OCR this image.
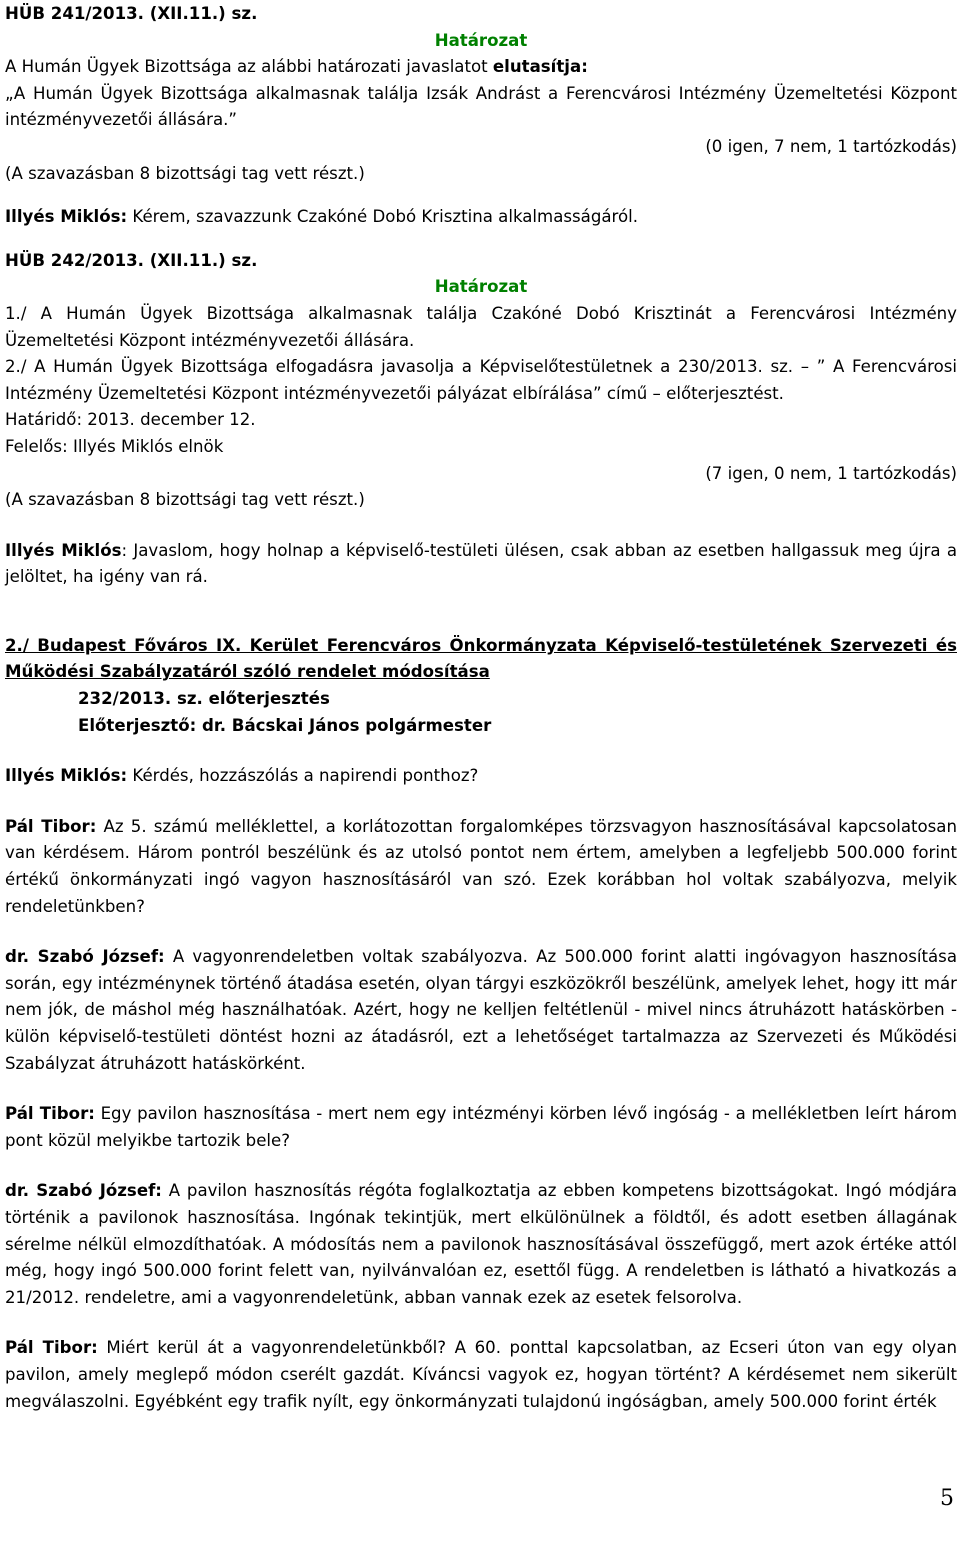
HÜB 241/2013. (XII.11.) sz.

Határozat

A Humán Ügyek Bizottsága az alábbi határozati javaslatot elutasítja:

„A Humán Ügyek Bizottsága alkalmasnak találja Izsák Andrást a Ferencvárosi Intézmény Üzemeltetési Központ intézményvezetői állására.”

(0 igen, 7 nem, 1 tartózkodás)

(A szavazásban 8 bizottsági tag vett részt.)

Illyés Miklós: Kérem, szavazzunk Czakóné Dobó Krisztina alkalmasságáról.

HÜB 242/2013. (XII.11.) sz.

Határozat

1./ A Humán Ügyek Bizottsága alkalmasnak találja Czakóné Dobó Krisztinát a Ferencvárosi Intézmény Üzemeltetési Központ intézményvezetői állására.

2./ A Humán Ügyek Bizottsága elfogadásra javasolja a Képviselőtestületnek a 230/2013. sz. – ” A Ferencvárosi Intézmény Üzemeltetési Központ intézményvezetői pályázat elbírálása” című – előterjesztést.

Határidő: 2013. december 12.

Felelős: Illyés Miklós elnök

(7 igen, 0 nem, 1 tartózkodás)

(A szavazásban 8 bizottsági tag vett részt.)

Illyés Miklós: Javaslom, hogy holnap a képviselő-testületi ülésen, csak abban az esetben hallgassuk meg újra a jelöltet, ha igény van rá.

2./ Budapest Főváros IX. Kerület Ferencváros Önkormányzata Képviselő-testületének Szervezeti és Működési Szabályzatáról szóló rendelet módosítása

232/2013. sz. előterjesztés

Előterjesztő: dr. Bácskai János polgármester

Illyés Miklós: Kérdés, hozzászólás a napirendi ponthoz?

Pál Tibor: Az 5. számú melléklettel, a korlátozottan forgalomképes törzsvagyon hasznosításával kapcsolatosan van kérdésem. Három pontról beszélünk és az utolsó pontot nem értem, amelyben a legfeljebb 500.000 forint értékű önkormányzati ingó vagyon hasznosításáról van szó. Ezek korábban hol voltak szabályozva, melyik rendeletünkben?

dr. Szabó József: A vagyonrendeletben voltak szabályozva. Az 500.000 forint alatti ingóvagyon hasznosítása során, egy intézménynek történő átadása esetén, olyan tárgyi eszközökről beszélünk, amelyek lehet, hogy itt már nem jók, de máshol még használhatóak. Azért, hogy ne kelljen feltétlenül - mivel nincs átruházott hatáskörben - külön képviselő-testületi döntést hozni az átadásról, ezt a lehetőséget tartalmazza az Szervezeti és Működési Szabályzat átruházott hatáskörként.

Pál Tibor: Egy pavilon hasznosítása - mert nem egy intézményi körben lévő ingóság - a mellékletben leírt három pont közül melyikbe tartozik bele?

dr. Szabó József: A pavilon hasznosítás régóta foglalkoztatja az ebben kompetens bizottságokat. Ingó módjára történik a pavilonok hasznosítása. Ingónak tekintjük, mert elkülönülnek a földtől, és adott esetben állagának sérelme nélkül elmozdíthatóak. A módosítás nem a pavilonok hasznosításával összefüggő, mert azok értéke attól még, hogy ingó 500.000 forint felett van, nyilvánvalóan ez, esettől függ. A rendeletben is látható a hivatkozás a 21/2012. rendeletre, ami a vagyonrendeletünk, abban vannak ezek az esetek felsorolva.

Pál Tibor: Miért kerül át a vagyonrendeletünkből? A 60. ponttal kapcsolatban, az Ecseri úton van egy olyan pavilon, amely meglepő módon cserélt gazdát. Kíváncsi vagyok ez, hogyan történt? A kérdésemet nem sikerült megválaszolni. Egyébként egy trafik nyílt, egy önkormányzati tulajdonú ingóságban, amely 500.000 forint érték

5
